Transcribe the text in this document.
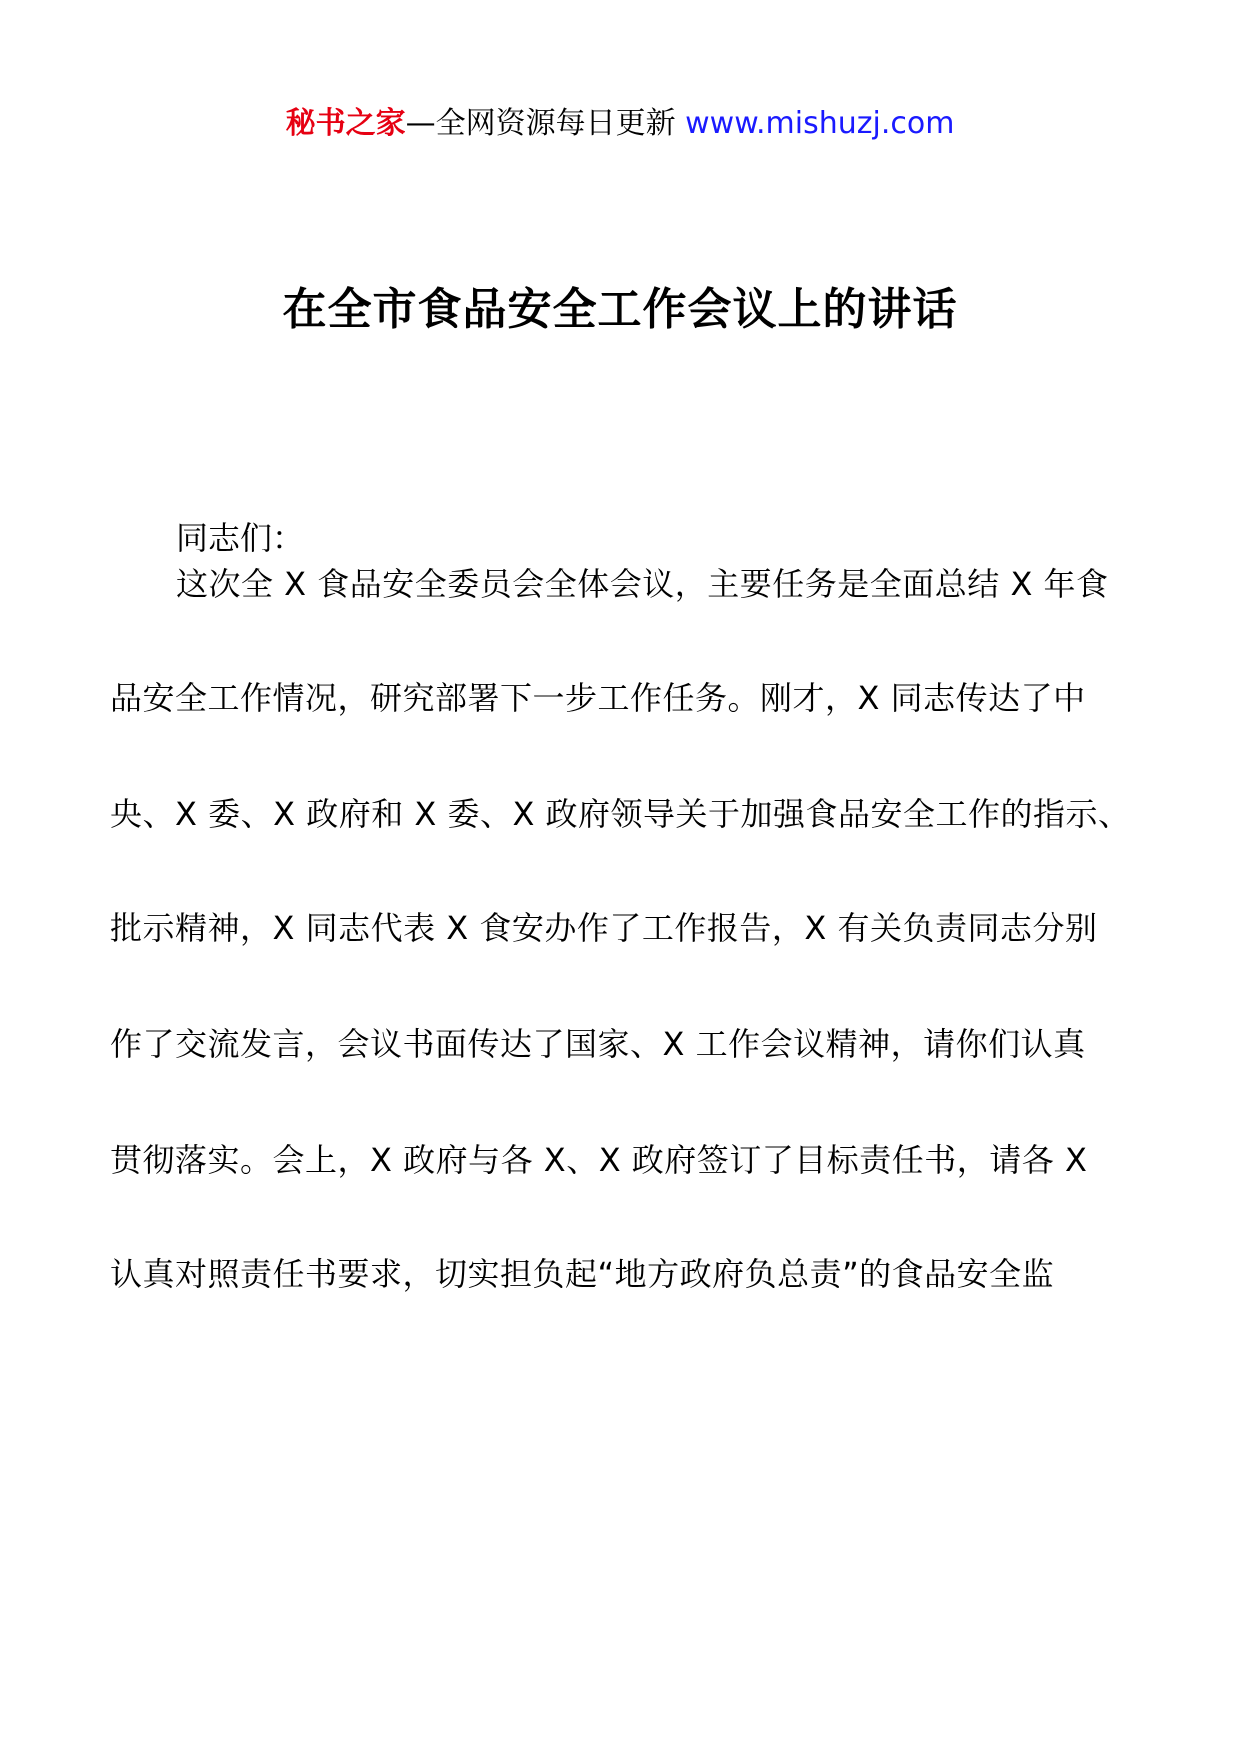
秘书之家—全网资源每日更新 www.mishuzj.com
在全市食品安全工作会议上的讲话

同志们：

这次全 X 食品安全委员会全体会议，主要任务是全面总结 X 年食

品安全工作情况，研究部署下一步工作任务。刚才，X 同志传达了中

央、X 委、X 政府和 X 委、X 政府领导关于加强食品安全工作的指示、

批示精神，X 同志代表 X 食安办作了工作报告，X 有关负责同志分别

作了交流发言，会议书面传达了国家、X 工作会议精神，请你们认真

贯彻落实。会上，X 政府与各 X、X 政府签订了目标责任书，请各 X

认真对照责任书要求，切实担负起“地方政府负总责”的食品安全监
